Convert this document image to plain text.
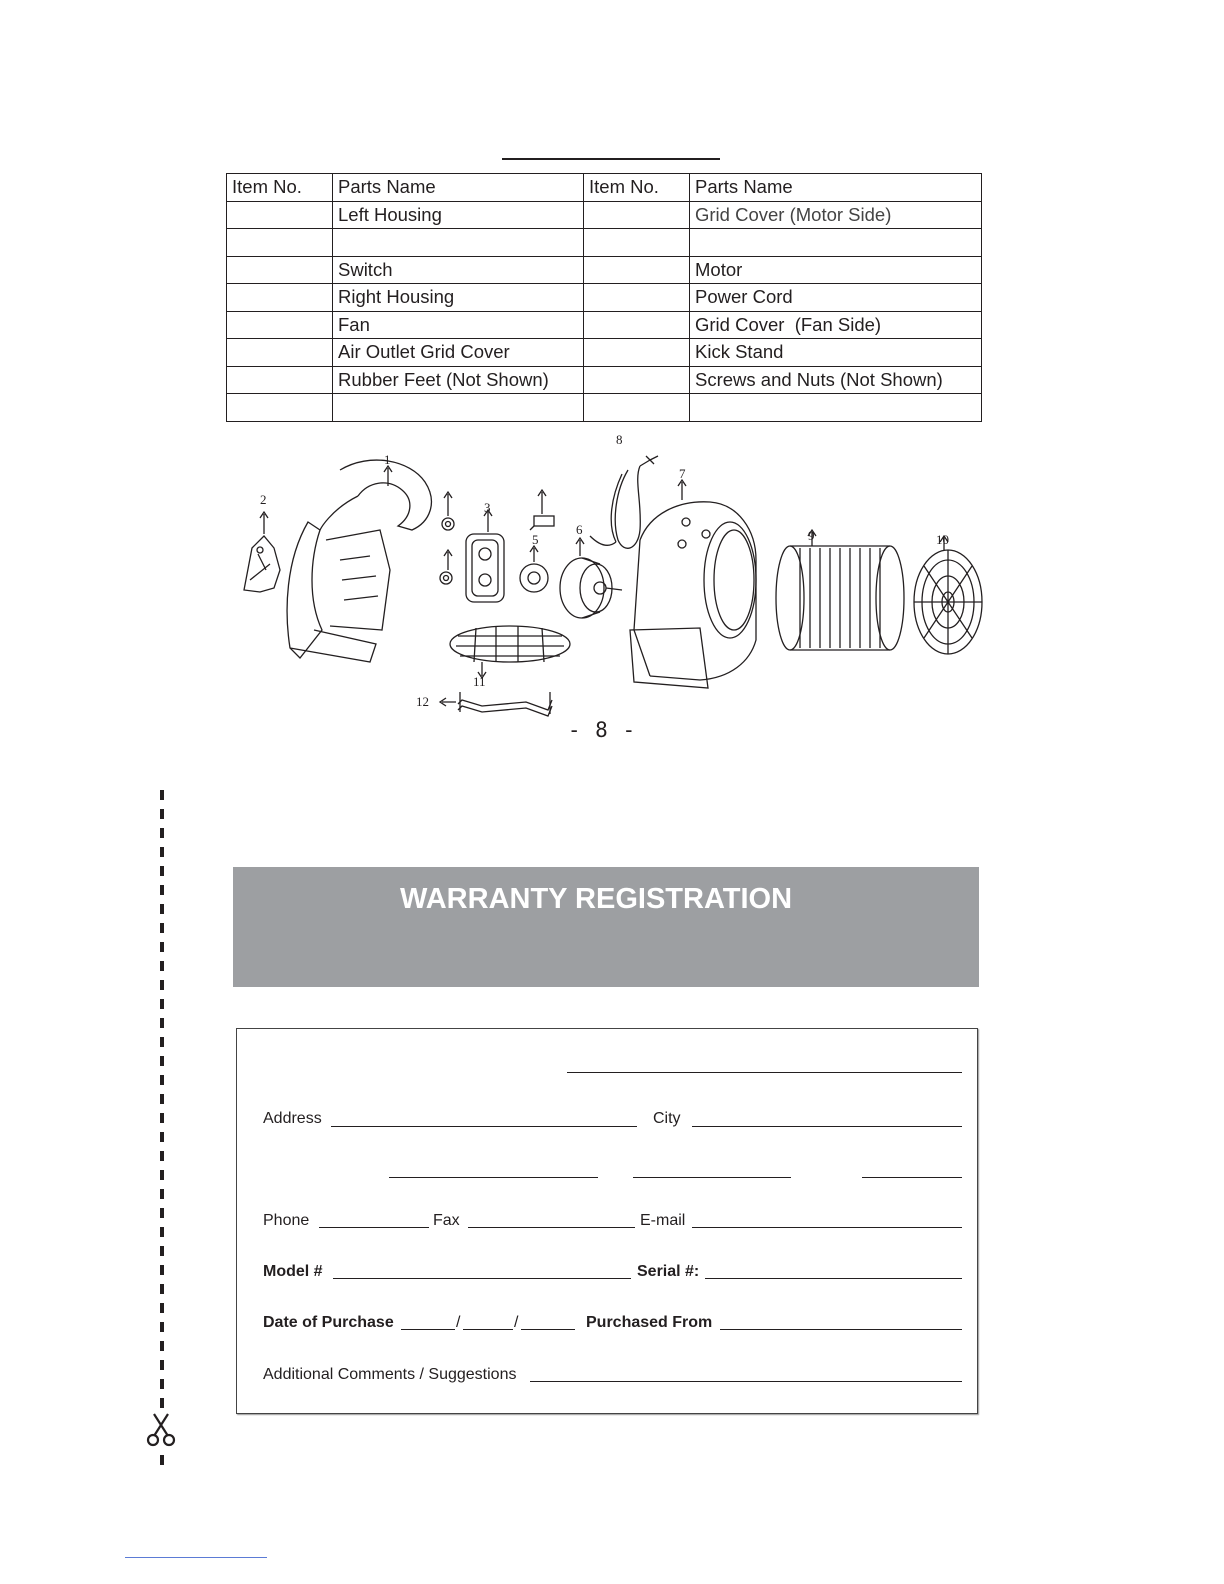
Item No.	Parts Name	Item No.	Parts Name
	Left Housing		Grid Cover (Motor Side)

	Switch		Motor
	Right Housing		Power Cord
	Fan		Grid Cover  (Fan Side)
	Air Outlet Grid Cover		Kick Stand
	Rubber Feet (Not Shown)		Screws and Nuts (Not Shown)

1
2
3
5
6
7
8
9	10
11
12
- 8 -
WARRANTY REGISTRATION
Address	City
Phone	Fax	E-mail
Model #	Serial #:
Date of Purchase	/	/	Purchased From
Additional Comments / Suggestions
